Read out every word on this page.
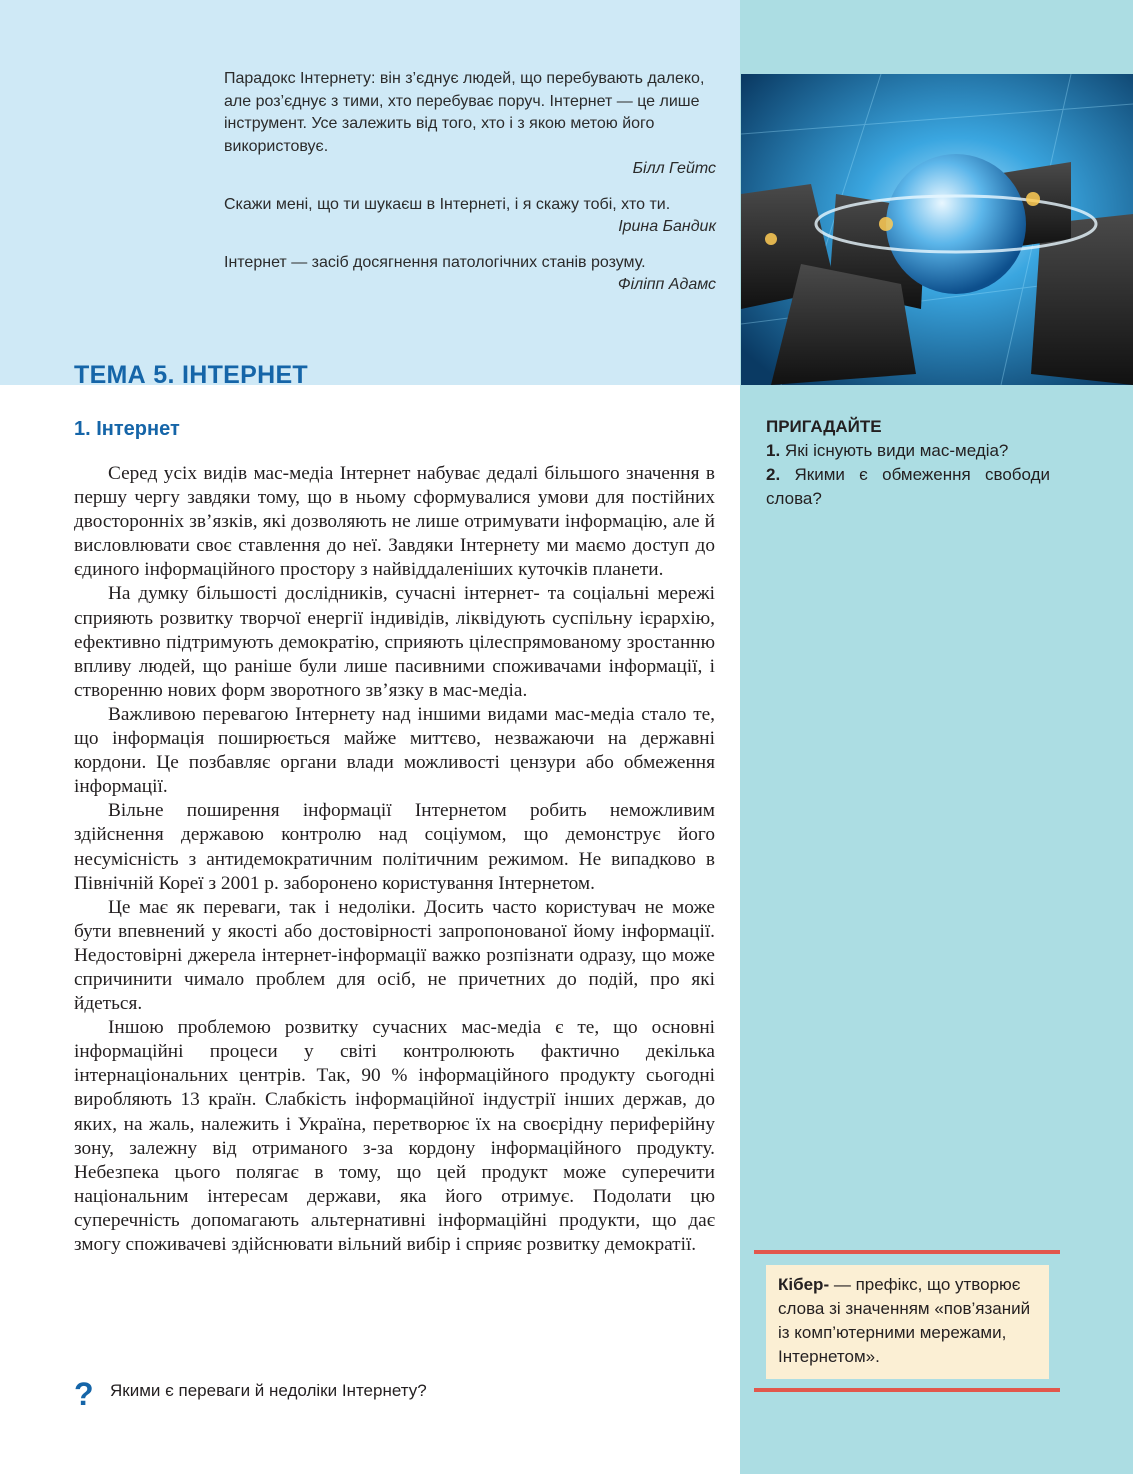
Парадокс Інтернету: він з’єднує людей, що перебувають далеко, але роз’єднує з тими, хто перебуває поруч. Інтернет — це лише інструмент. Усе залежить від того, хто і з якою метою його використовує.

Білл Гейтс

Скажи мені, що ти шукаєш в Інтернеті, і я скажу тобі, хто ти.

Ірина Бандик

Інтернет — засіб досягнення патологічних станів розуму.

Філіпп Адамс

ТЕМА 5. ІНТЕРНЕТ
1. Інтернет

Серед усіх видів мас-медіа Інтернет набуває дедалі більшого значення в першу чергу завдяки тому, що в ньому сформувалися умови для постійних двосторонніх зв’язків, які дозволяють не лише отримувати інформацію, але й висловлювати своє ставлення до неї. Завдяки Інтернету ми маємо доступ до єдиного інформаційного простору з найвіддаленіших куточків планети.

На думку більшості дослідників, сучасні інтернет- та соціальні мережі сприяють розвитку творчої енергії індивідів, ліквідують суспільну ієрархію, ефективно підтримують демократію, сприяють цілеспрямованому зростанню впливу людей, що раніше були лише пасивними споживачами інформації, і створенню нових форм зворотного зв’язку в мас-медіа.

Важливою перевагою Інтернету над іншими видами мас-медіа стало те, що інформація поширюється майже миттєво, незважаючи на державні кордони. Це позбавляє органи влади можливості цензури або обмеження інформації.

Вільне поширення інформації Інтернетом робить неможливим здійснення державою контролю над соціумом, що демонструє його несумісність з антидемократичним політичним режимом. Не випадково в Північній Кореї з 2001 р. заборонено користування Інтернетом.

Це має як переваги, так і недоліки. Досить часто користувач не може бути впевнений у якості або достовірності запропонованої йому інформації. Недостовірні джерела інтернет-інформації важко розпізнати одразу, що може спричинити чимало проблем для осіб, не причетних до подій, про які йдеться.

Іншою проблемою розвитку сучасних мас-медіа є те, що основні інформаційні процеси у світі контролюють фактично декілька інтернаціональних центрів. Так, 90 % інформаційного продукту сьогодні виробляють 13 країн. Слабкість інформаційної індустрії інших держав, до яких, на жаль, належить і Україна, перетворює їх на своєрідну периферійну зону, залежну від отриманого з-за кордону інформаційного продукту. Небезпека цього полягає в тому, що цей продукт може суперечити національним інтересам держави, яка його отримує. Подолати цю суперечність допомагають альтернативні інформаційні продукти, що дає змогу споживачеві здійснювати вільний вибір і сприяє розвитку демократії.

? Якими є переваги й недоліки Інтернету?

ПРИГАДАЙТЕ

1. Які існують види мас-медіа?

2. Якими є обмеження свободи слова?

Кібер- — префікс, що утворює слова зі значенням «пов’язаний із комп’ютерними мережами, Інтернетом».
